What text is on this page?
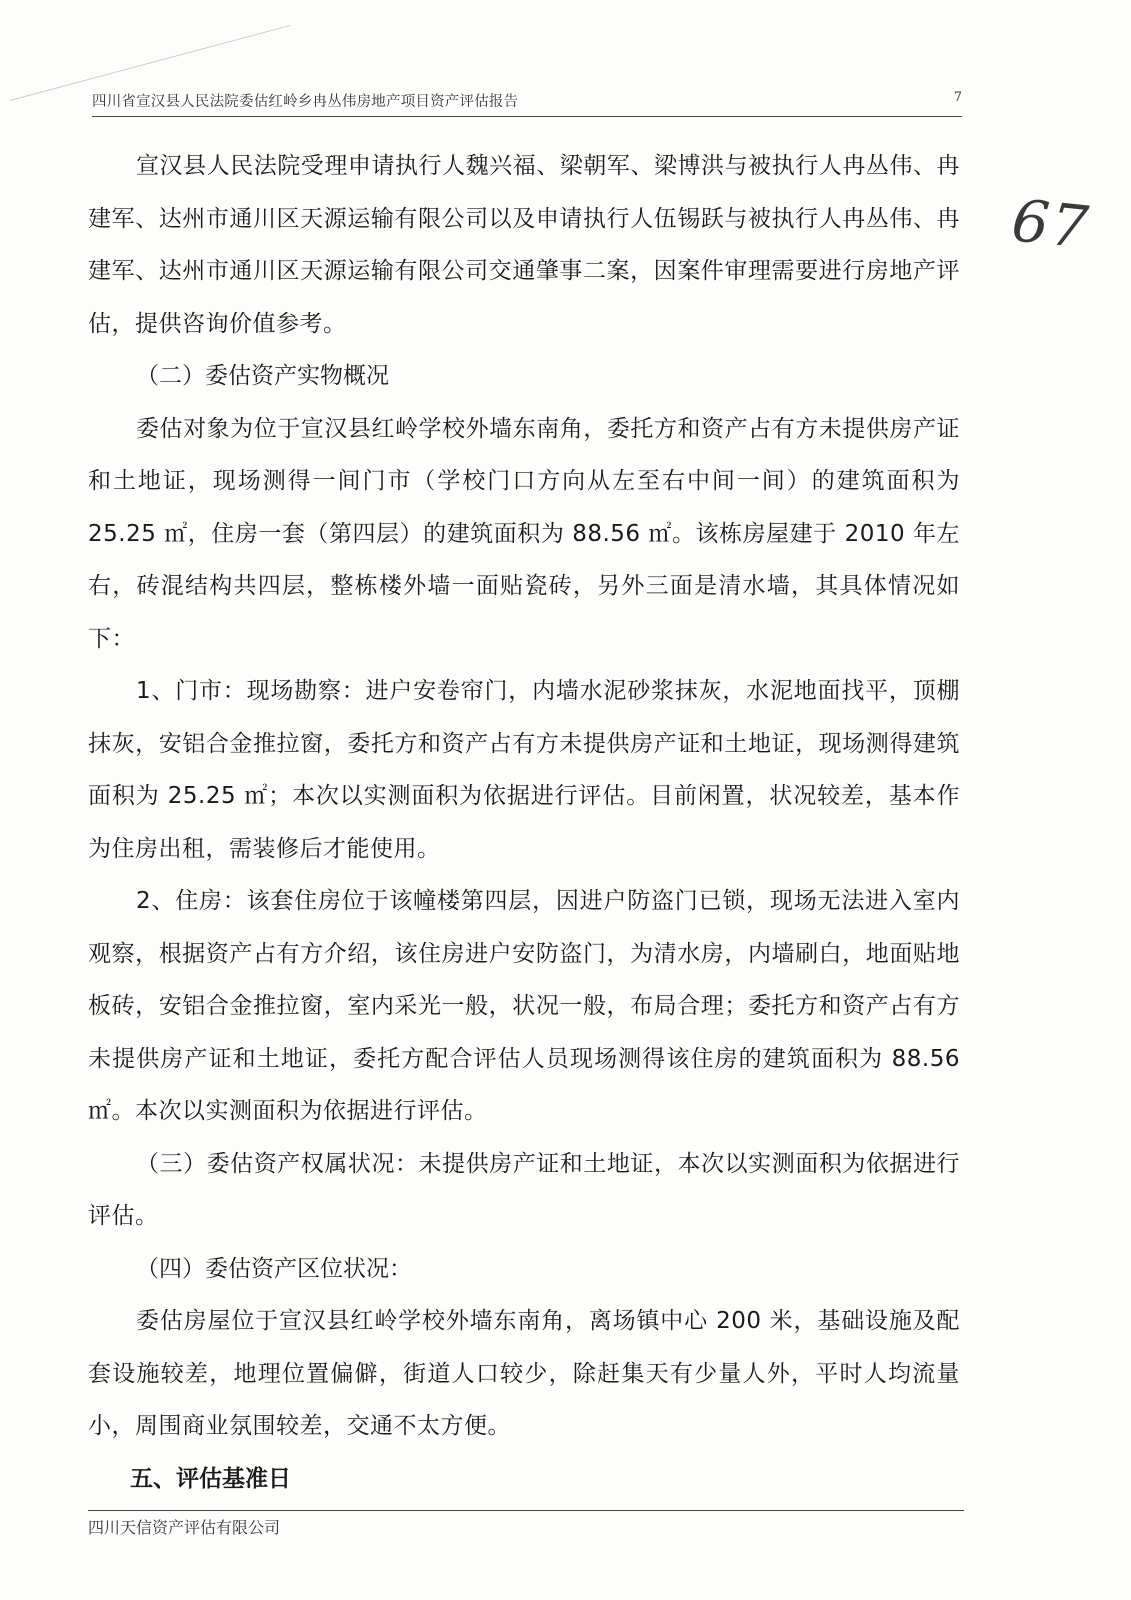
四川省宣汉县人民法院委估红岭乡冉丛伟房地产项目资产评估报告	7
67

宣汉县人民法院受理申请执行人魏兴福、梁朝军、梁博洪与被执行人冉丛伟、冉建军、达州市通川区天源运输有限公司以及申请执行人伍锡跃与被执行人冉丛伟、冉建军、达州市通川区天源运输有限公司交通肇事二案，因案件审理需要进行房地产评估，提供咨询价值参考。

（二）委估资产实物概况

委估对象为位于宣汉县红岭学校外墙东南角，委托方和资产占有方未提供房产证和土地证，现场测得一间门市（学校门口方向从左至右中间一间）的建筑面积为 25.25 ㎡，住房一套（第四层）的建筑面积为 88.56 ㎡。该栋房屋建于 2010 年左右，砖混结构共四层，整栋楼外墙一面贴瓷砖，另外三面是清水墙，其具体情况如下：

1、门市：现场勘察：进户安卷帘门，内墙水泥砂浆抹灰，水泥地面找平，顶棚抹灰，安铝合金推拉窗，委托方和资产占有方未提供房产证和土地证，现场测得建筑面积为 25.25 ㎡；本次以实测面积为依据进行评估。目前闲置，状况较差，基本作为住房出租，需装修后才能使用。

2、住房：该套住房位于该幢楼第四层，因进户防盗门已锁，现场无法进入室内观察，根据资产占有方介绍，该住房进户安防盗门，为清水房，内墙刷白，地面贴地板砖，安铝合金推拉窗，室内采光一般，状况一般，布局合理；委托方和资产占有方未提供房产证和土地证，委托方配合评估人员现场测得该住房的建筑面积为 88.56 ㎡。本次以实测面积为依据进行评估。

（三）委估资产权属状况：未提供房产证和土地证，本次以实测面积为依据进行评估。

（四）委估资产区位状况：

委估房屋位于宣汉县红岭学校外墙东南角，离场镇中心 200 米，基础设施及配套设施较差，地理位置偏僻，街道人口较少，除赶集天有少量人外，平时人均流量小，周围商业氛围较差，交通不太方便。

五、评估基准日

四川天信资产评估有限公司
